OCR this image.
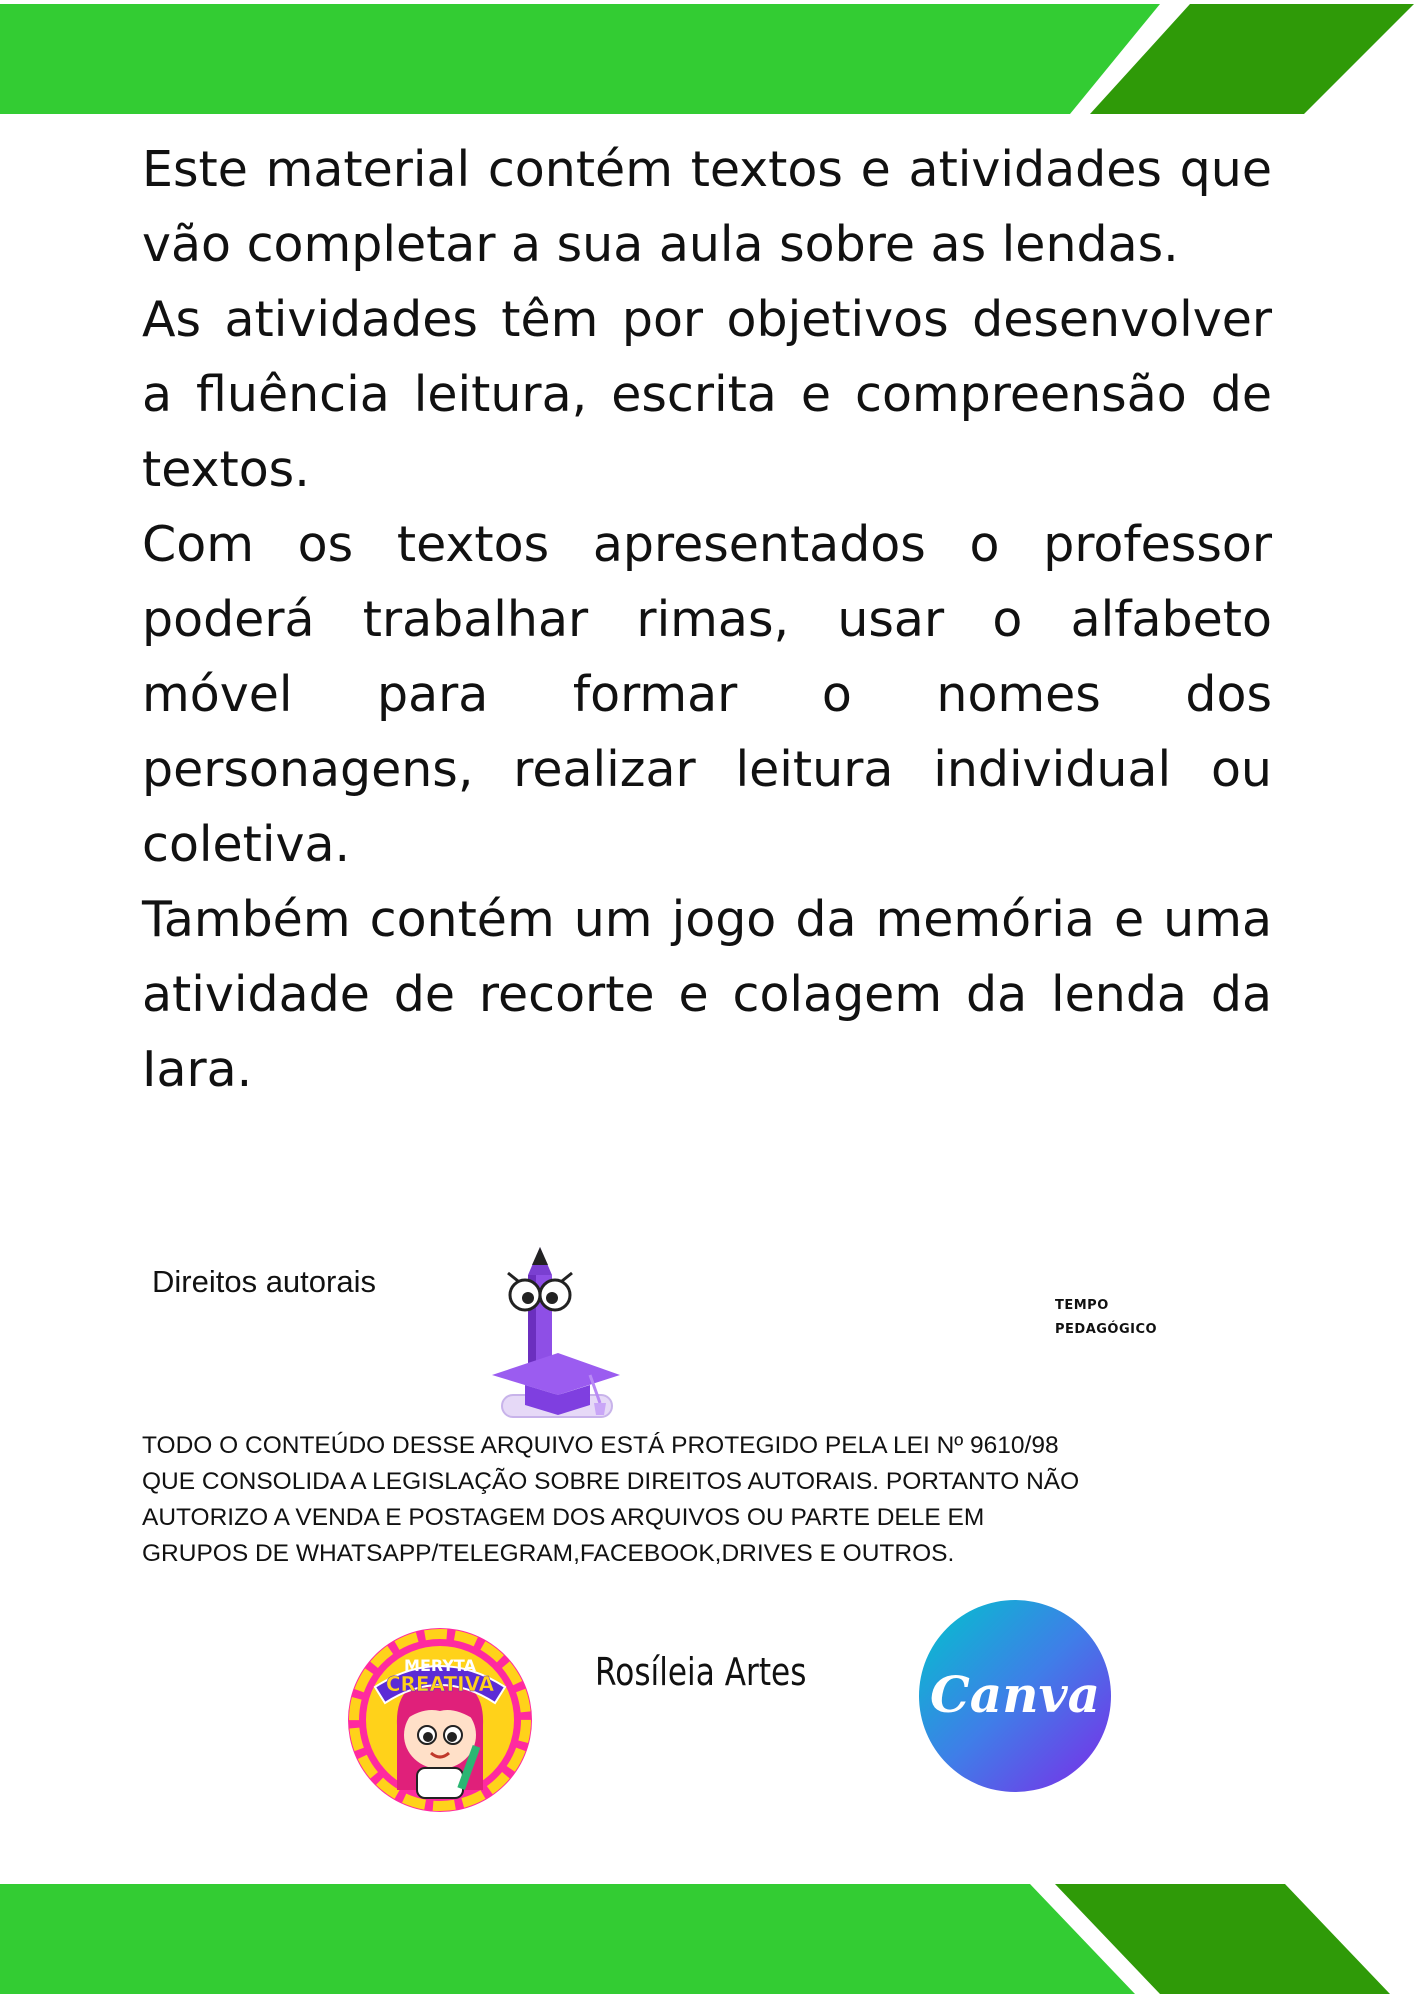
Este material contém textos e atividades que vão completar a sua aula sobre as lendas.

As atividades têm por objetivos desenvolver a fluência leitura, escrita e compreensão de textos.

Com os textos apresentados o professor poderá trabalhar rimas, usar o alfabeto móvel para formar o nomes dos personagens, realizar leitura individual ou coletiva.

Também contém um jogo da memória e uma atividade de recorte e colagem da lenda da Iara.

Direitos autorais
TEMPO
PEDAGÓGICO
TODO O CONTEÚDO DESSE ARQUIVO ESTÁ PROTEGIDO PELA LEI Nº 9610/98
QUE CONSOLIDA A LEGISLAÇÃO SOBRE DIREITOS AUTORAIS. PORTANTO NÃO
AUTORIZO A VENDA E POSTAGEM DOS ARQUIVOS OU PARTE DELE EM
GRUPOS DE WHATSAPP/TELEGRAM,FACEBOOK,DRIVES E OUTROS.
MERYTA
CREATIVA	Rosíleia Artes Canva
